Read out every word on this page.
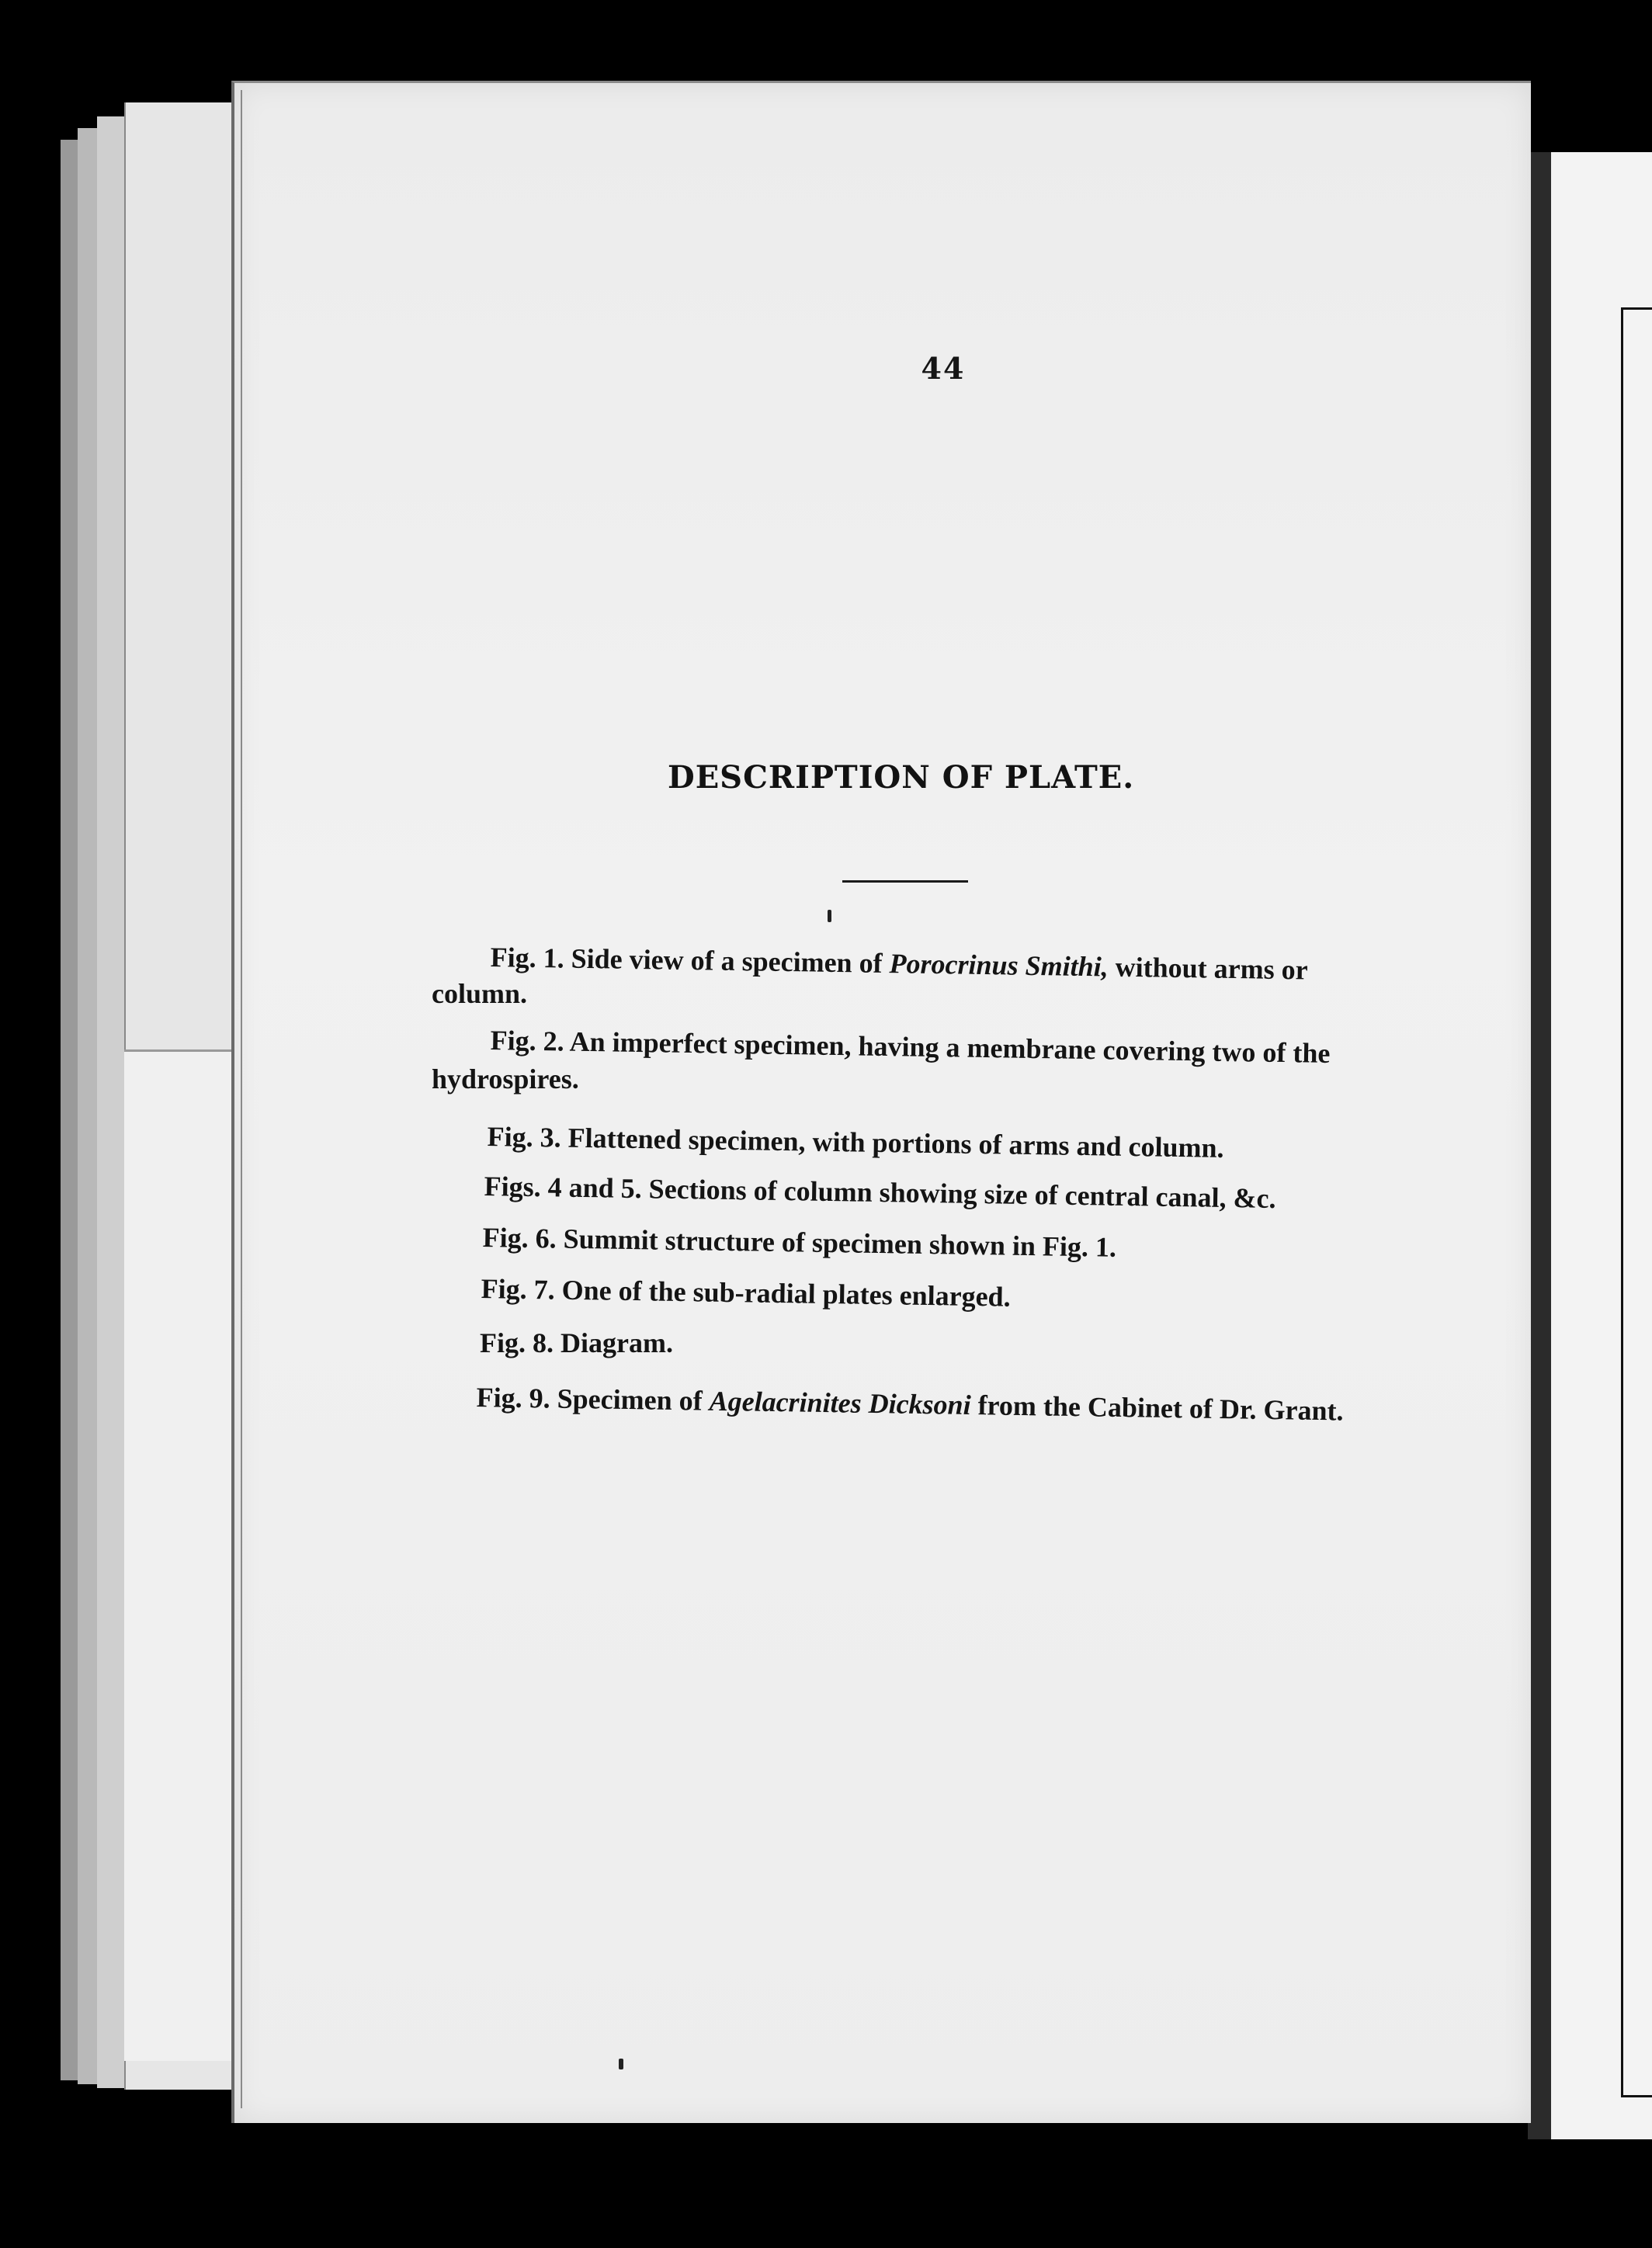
44
DESCRIPTION OF PLATE.
Fig. 1. Side view of a specimen of Porocrinus Smithi, without arms or
column.
Fig. 2. An imperfect specimen, having a membrane covering two of the
hydrospires.
Fig. 3. Flattened specimen, with portions of arms and column.
Figs. 4 and 5. Sections of column showing size of central canal, &c.
Fig. 6. Summit structure of specimen shown in Fig. 1.
Fig. 7. One of the sub-radial plates enlarged.
Fig. 8. Diagram.
Fig. 9. Specimen of Agelacrinites Dicksoni from the Cabinet of Dr. Grant.
